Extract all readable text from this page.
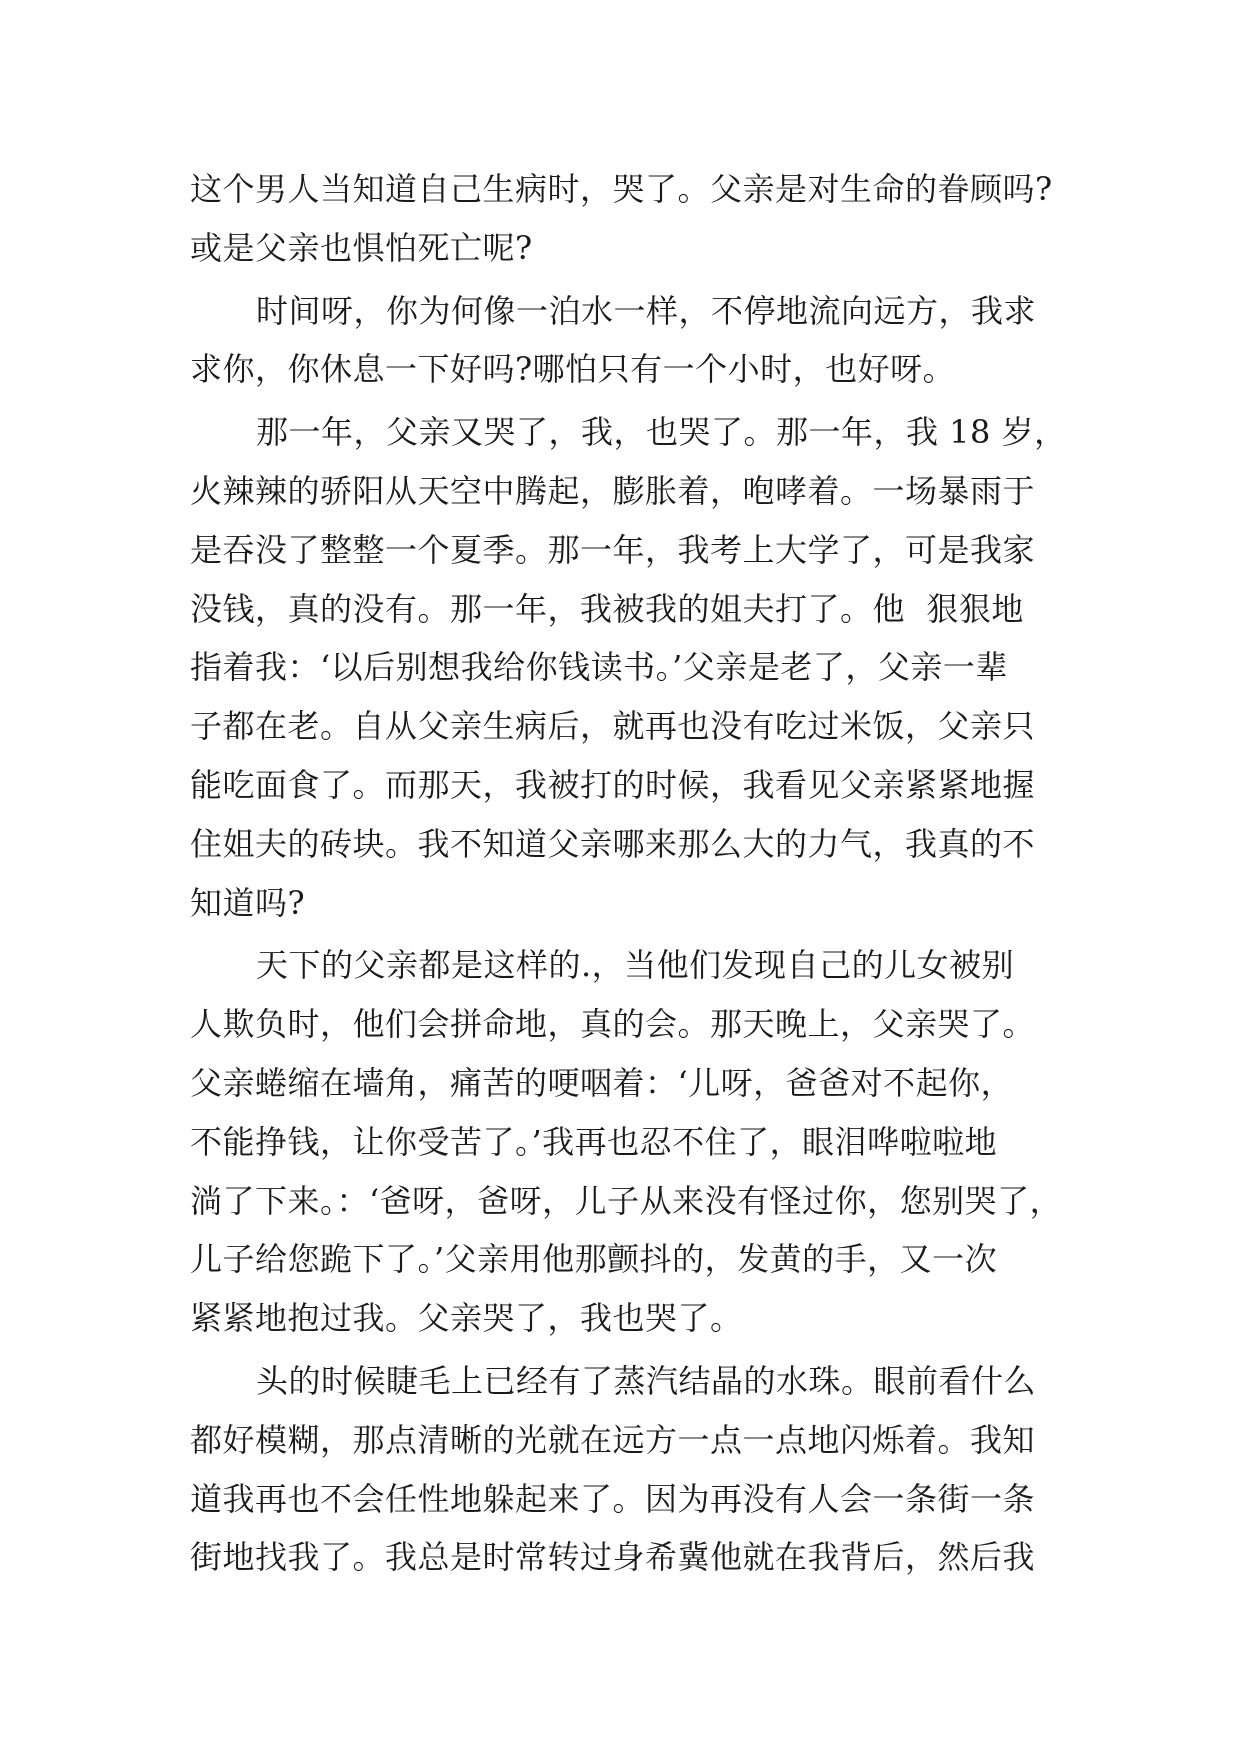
这个男人当知道自己生病时，哭了。父亲是对生命的眷顾吗?
或是父亲也惧怕死亡呢?
时间呀，你为何像一泊水一样，不停地流向远方，我求
求你，你休息一下好吗?哪怕只有一个小时，也好呀。
那一年，父亲又哭了，我，也哭了。那一年，我 18 岁，
火辣辣的骄阳从天空中腾起，膨胀着，咆哮着。一场暴雨于
是吞没了整整一个夏季。那一年，我考上大学了，可是我家
没钱，真的没有。那一年，我被我的姐夫打了。他  狠狠地
指着我：‘以后别想我给你钱读书。’父亲是老了，父亲一辈
子都在老。自从父亲生病后，就再也没有吃过米饭，父亲只
能吃面食了。而那天，我被打的时候，我看见父亲紧紧地握
住姐夫的砖块。我不知道父亲哪来那么大的力气，我真的不
知道吗?
天下的父亲都是这样的.，当他们发现自己的儿女被别
人欺负时，他们会拼命地，真的会。那天晚上，父亲哭了。
父亲蜷缩在墙角，痛苦的哽咽着：‘儿呀，爸爸对不起你，
不能挣钱，让你受苦了。’我再也忍不住了，眼泪哗啦啦地
淌了下来。：‘爸呀，爸呀，儿子从来没有怪过你，您别哭了，
儿子给您跪下了。’父亲用他那颤抖的，发黄的手，又一次
紧紧地抱过我。父亲哭了，我也哭了。
头的时候睫毛上已经有了蒸汽结晶的水珠。眼前看什么
都好模糊，那点清晰的光就在远方一点一点地闪烁着。我知
道我再也不会任性地躲起来了。因为再没有人会一条街一条
街地找我了。我总是时常转过身希冀他就在我背后，然后我
